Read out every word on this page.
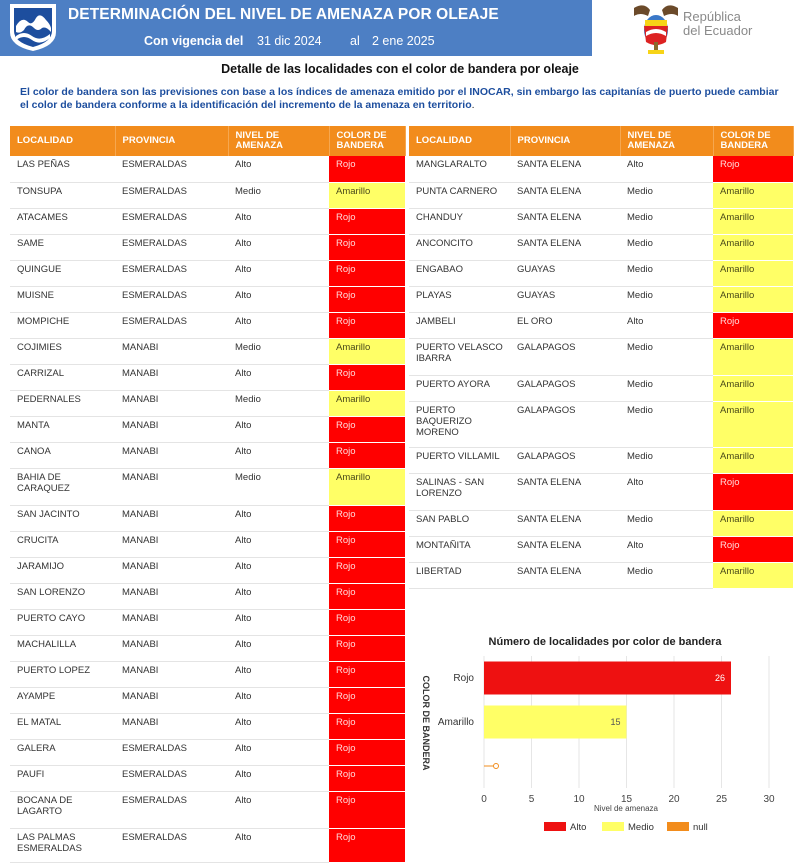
DETERMINACIÓN DEL NIVEL DE AMENAZA POR OLEAJE
Con vigencia del 31 dic 2024 al 2 ene 2025
República
del Ecuador
Detalle de las localidades con el color de bandera por oleaje
El color de bandera son las previsiones con base a los índices de amenaza emitido por el INOCAR, sin embargo las capitanías de puerto puede cambiar el color de bandera conforme a la identificación del incremento de la amenaza en territorio.
LOCALIDAD	PROVINCIA	NIVEL DE AMENAZA	COLOR DE BANDERA
LAS PEÑAS	ESMERALDAS	Alto	Rojo
TONSUPA	ESMERALDAS	Medio	Amarillo
ATACAMES	ESMERALDAS	Alto	Rojo
SAME	ESMERALDAS	Alto	Rojo
QUINGUE	ESMERALDAS	Alto	Rojo
MUISNE	ESMERALDAS	Alto	Rojo
MOMPICHE	ESMERALDAS	Alto	Rojo
COJIMIES	MANABI	Medio	Amarillo
CARRIZAL	MANABI	Alto	Rojo
PEDERNALES	MANABI	Medio	Amarillo
MANTA	MANABI	Alto	Rojo
CANOA	MANABI	Alto	Rojo
BAHIA DE CARAQUEZ	MANABI	Medio	Amarillo
SAN JACINTO	MANABI	Alto	Rojo
CRUCITA	MANABI	Alto	Rojo
JARAMIJO	MANABI	Alto	Rojo
SAN LORENZO	MANABI	Alto	Rojo
PUERTO CAYO	MANABI	Alto	Rojo
MACHALILLA	MANABI	Alto	Rojo
PUERTO LOPEZ	MANABI	Alto	Rojo
AYAMPE	MANABI	Alto	Rojo
EL MATAL	MANABI	Alto	Rojo
GALERA	ESMERALDAS	Alto	Rojo
PAUFI	ESMERALDAS	Alto	Rojo
BOCANA DE LAGARTO	ESMERALDAS	Alto	Rojo
LAS PALMAS ESMERALDAS	ESMERALDAS	Alto	Rojo
LOCALIDAD	PROVINCIA	NIVEL DE AMENAZA	COLOR DE BANDERA
MANGLARALTO	SANTA ELENA	Alto	Rojo
PUNTA CARNERO	SANTA ELENA	Medio	Amarillo
CHANDUY	SANTA ELENA	Medio	Amarillo
ANCONCITO	SANTA ELENA	Medio	Amarillo
ENGABAO	GUAYAS	Medio	Amarillo
PLAYAS	GUAYAS	Medio	Amarillo
JAMBELI	EL ORO	Alto	Rojo
PUERTO VELASCO IBARRA	GALAPAGOS	Medio	Amarillo
PUERTO AYORA	GALAPAGOS	Medio	Amarillo
PUERTO BAQUERIZO MORENO	GALAPAGOS	Medio	Amarillo
PUERTO VILLAMIL	GALAPAGOS	Medio	Amarillo
SALINAS - SAN LORENZO	SANTA ELENA	Alto	Rojo
SAN PABLO	SANTA ELENA	Medio	Amarillo
MONTAÑITA	SANTA ELENA	Alto	Rojo
LIBERTAD	SANTA ELENA	Medio	Amarillo
Número de localidades por color de bandera
0	5	10	15	20	25	30
26
Rojo
15
Amarillo
Nivel de amenaza
COLOR DE BANDERA
Alto	Medio	null
